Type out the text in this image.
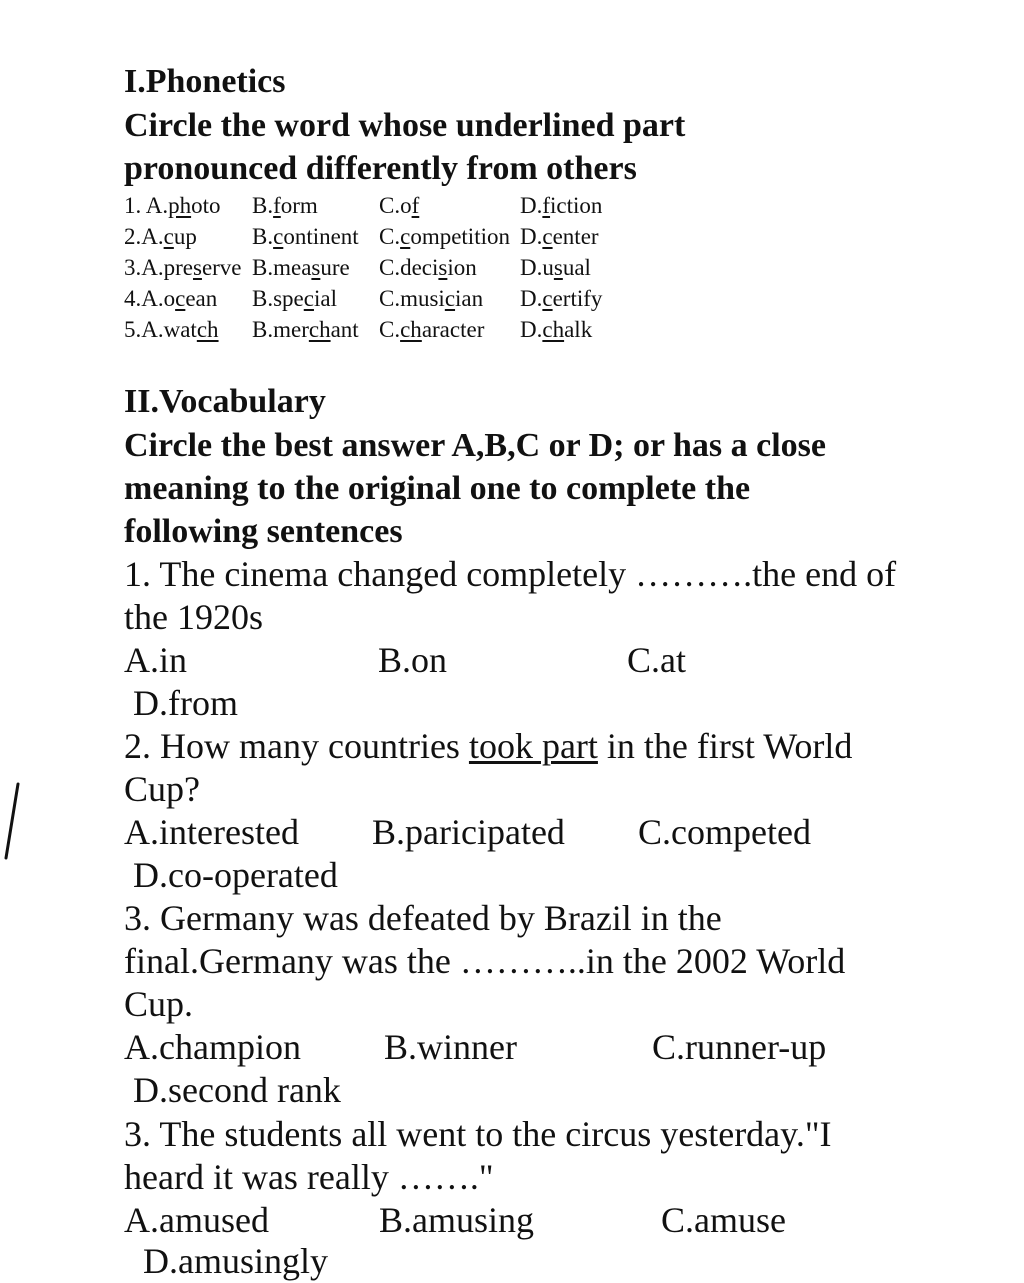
I.Phonetics
Circle the word whose underlined part
pronounced differently from others
1. A.photo B.form	C.of	D.fiction
2.A.cup B.continent C.competition D.center
3.A.preserve B.measure C.decision D.usual
4.A.ocean B.special C.musician D.certify
5.A.watch B.merchant C.character D.chalk
II.Vocabulary
Circle the best answer A,B,C or D; or has a close
meaning to the original one to complete the
following sentences
1. The cinema changed completely ……….the end of
the 1920s
A.in	B.on	C.at
D.from
2. How many countries took part in the first World
Cup?
A.interested B.paricipated C.competed
D.co-operated
3. Germany was defeated by Brazil in the
final.Germany was the ………..in the 2002 World
Cup.
A.champion B.winner	C.runner-up
D.second rank
3. The students all went to the circus yesterday."I
heard it was really ……."
A.amused	B.amusing	C.amuse
D.amusingly
